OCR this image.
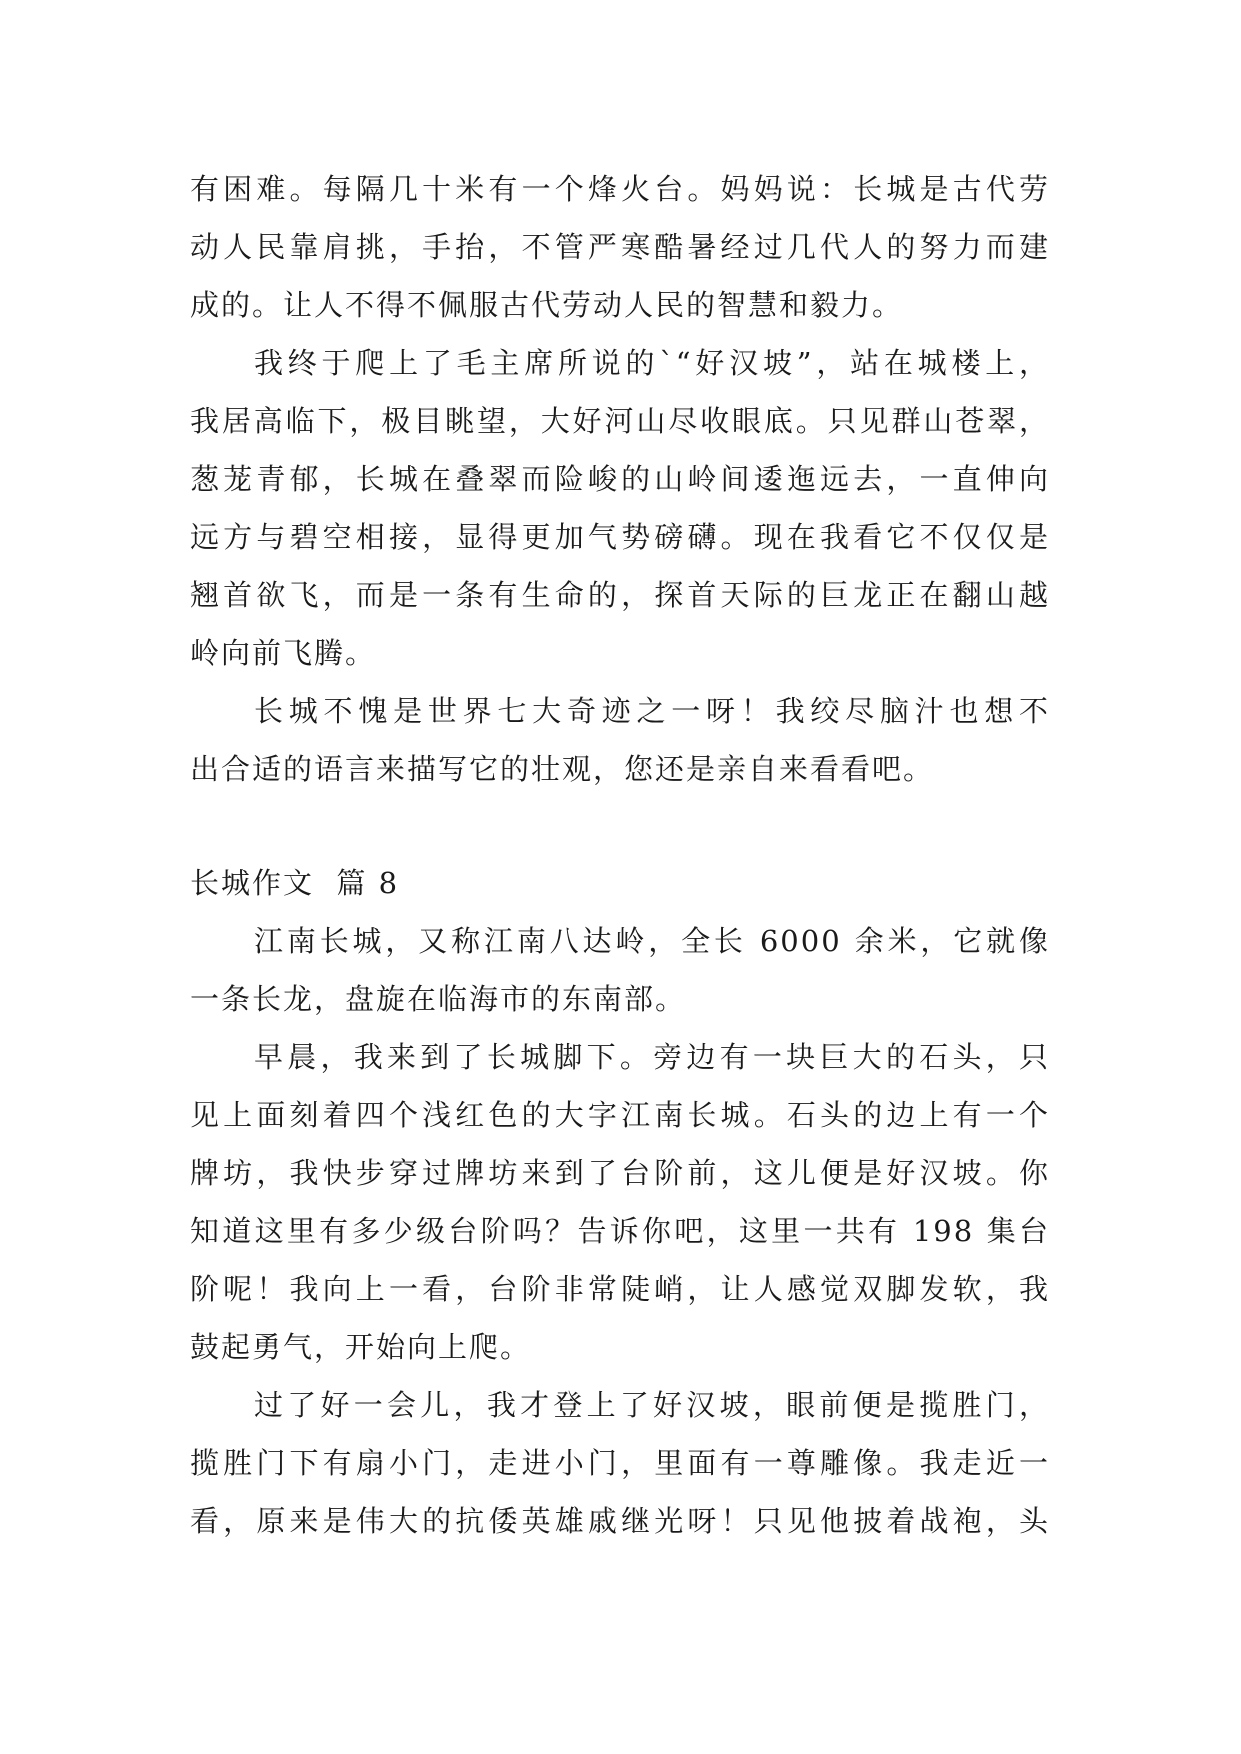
有困难。每隔几十米有一个烽火台。妈妈说：长城是古代劳
动人民靠肩挑，手抬，不管严寒酷暑经过几代人的努力而建
成的。让人不得不佩服古代劳动人民的智慧和毅力。
我终于爬上了毛主席所说的`“好汉坡”，站在城楼上，
我居高临下，极目眺望，大好河山尽收眼底。只见群山苍翠，
葱茏青郁，长城在叠翠而险峻的山岭间逶迤远去，一直伸向
远方与碧空相接，显得更加气势磅礴。现在我看它不仅仅是
翘首欲飞，而是一条有生命的，探首天际的巨龙正在翻山越
岭向前飞腾。
长城不愧是世界七大奇迹之一呀！我绞尽脑汁也想不
出合适的语言来描写它的壮观，您还是亲自来看看吧。
长城作文  篇 8
江南长城，又称江南八达岭，全长 6000 余米，它就像
一条长龙，盘旋在临海市的东南部。
早晨，我来到了长城脚下。旁边有一块巨大的石头，只
见上面刻着四个浅红色的大字江南长城。石头的边上有一个
牌坊，我快步穿过牌坊来到了台阶前，这儿便是好汉坡。你
知道这里有多少级台阶吗？告诉你吧，这里一共有 198 集台
阶呢！我向上一看，台阶非常陡峭，让人感觉双脚发软，我
鼓起勇气，开始向上爬。
过了好一会儿，我才登上了好汉坡，眼前便是揽胜门，
揽胜门下有扇小门，走进小门，里面有一尊雕像。我走近一
看，原来是伟大的抗倭英雄戚继光呀！只见他披着战袍，头
